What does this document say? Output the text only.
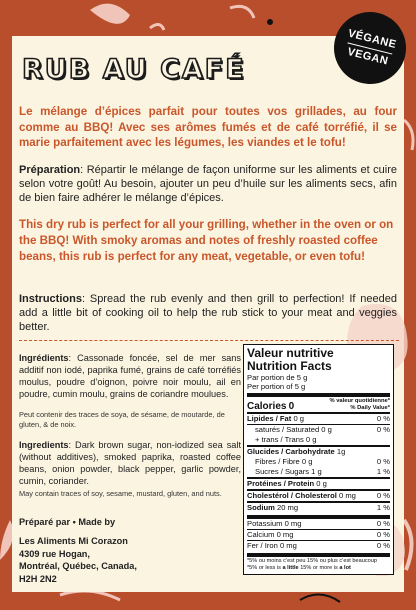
RUB AU CAFÉ

Le mélange d’épices parfait pour toutes vos grillades, au four comme au BBQ! Avec ses arômes fumés et de café torréfié, il se marie parfaitement avec les légumes, les viandes et le tofu!

Préparation: Répartir le mélange de façon uniforme sur les aliments et cuire selon votre goût! Au besoin, ajouter un peu d’huile sur les aliments secs, afin de bien faire adhérer le mélange d’épices.

This dry rub is perfect for all your grilling, whether in the oven or on the BBQ! With smoky aromas and notes of freshly roasted coffee beans, this rub is perfect for any meat, vegetable, or even tofu!

Instructions: Spread the rub evenly and then grill to perfection! If needed add a little bit of cooking oil to help the rub stick to your meat and veggies better.

Ingrédients: Cassonade foncée, sel de mer sans additif non iodé, paprika fumé, grains de café torréfiés moulus, poudre d’oignon, poivre noir moulu, ail en poudre, cumin moulu, grains de coriandre moulues.

Peut contenir des traces de soya, de sésame, de moutarde, de gluten, & de noix.

Ingredients: Dark brown sugar, non-iodized sea salt (without additives), smoked paprika, roasted coffee beans, onion powder, black pepper, garlic powder, cumin, coriander.

May contain traces of soy, sesame, mustard, gluten, and nuts.

Préparé par • Made by
Les Aliments Mi Corazon
4309 rue Hogan,
Montréal, Québec, Canada,
H2H 2N2
Valeur nutritive
Nutrition Facts
Par portion de 5 g
Per portion of 5 g
Calories 0	% valeur quotidienne*
% Daily Value*
Lipides / Fat 0 g	0 %
saturés / Saturated 0 g	0 %
+ trans / Trans 0 g
Glucides / Carbohydrate 1g
Fibres / Fibre 0 g	0 %
Sucres / Sugars 1 g	1 %
Protéines / Protein 0 g
Cholestérol / Cholesterol 0 mg	0 %
Sodium 20 mg	1 %
Potassium 0 mg	0 %
Calcium 0 mg	0 %
Fer / Iron 0 mg	0 %
*5% ou moins c’est peu 15% ou plus c’est beaucoup
*5% or less is a little 15% or more is a lot
VÉGANE
VEGAN
